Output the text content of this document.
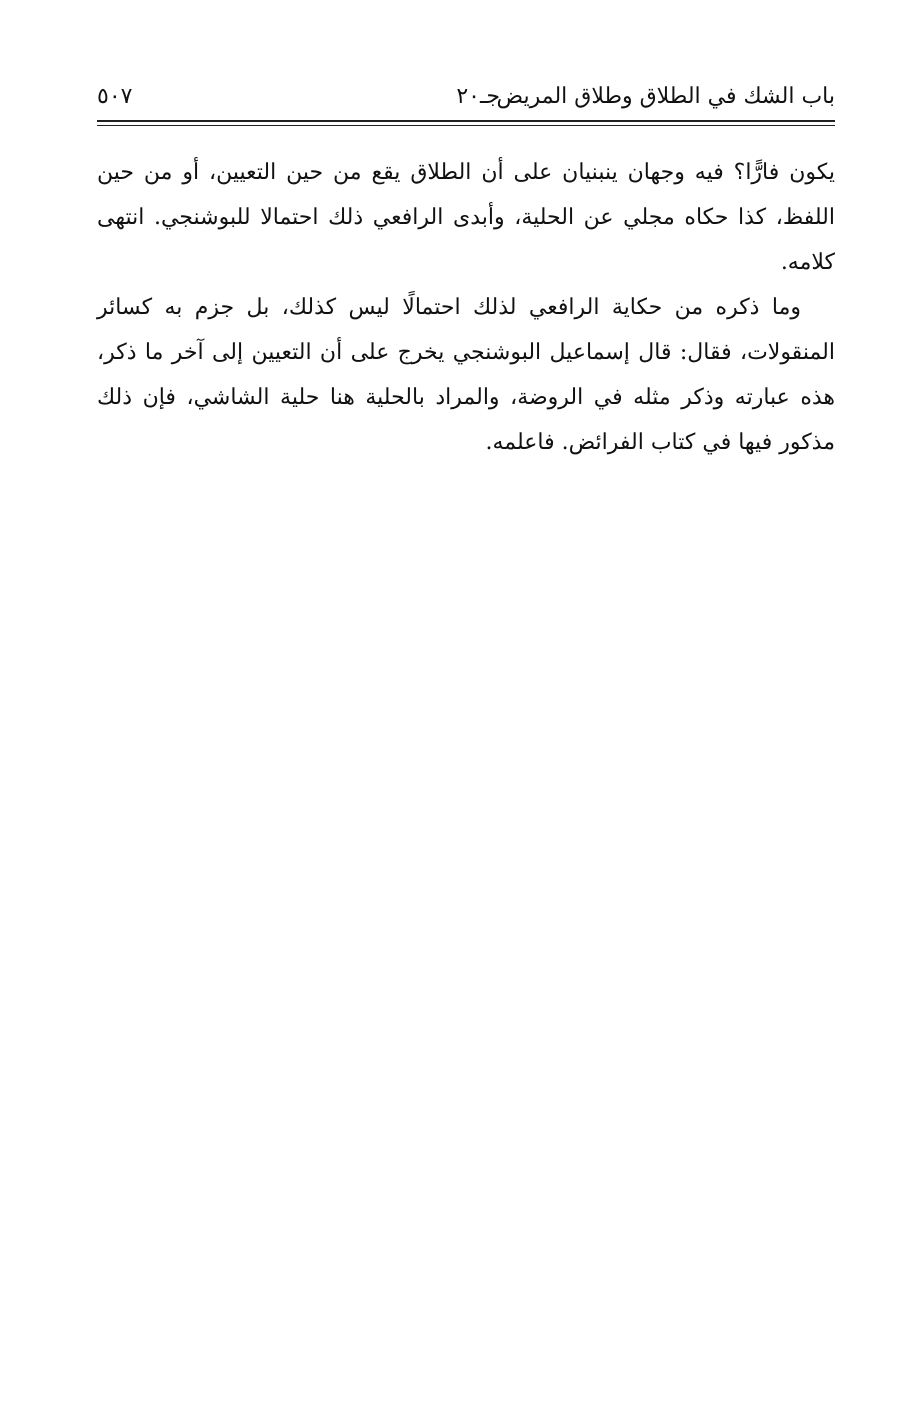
باب الشك في الطلاق وطلاق المريض
جـ٢٠
٥٠٧

يكون فارًّا؟ فيه وجهان ينبنيان على أن الطلاق يقع من حين التعيين، أو من حين اللفظ، كذا حكاه مجلي عن الحلية، وأبدى الرافعي ذلك احتمالا للبوشنجي. انتهى كلامه.

وما ذكره من حكاية الرافعي لذلك احتمالًا ليس كذلك، بل جزم به كسائر المنقولات، فقال: قال إسماعيل البوشنجي يخرج على أن التعيين إلى آخر ما ذكر، هذه عبارته وذكر مثله في الروضة، والمراد بالحلية هنا حلية الشاشي، فإن ذلك مذكور فيها في كتاب الفرائض. فاعلمه.
